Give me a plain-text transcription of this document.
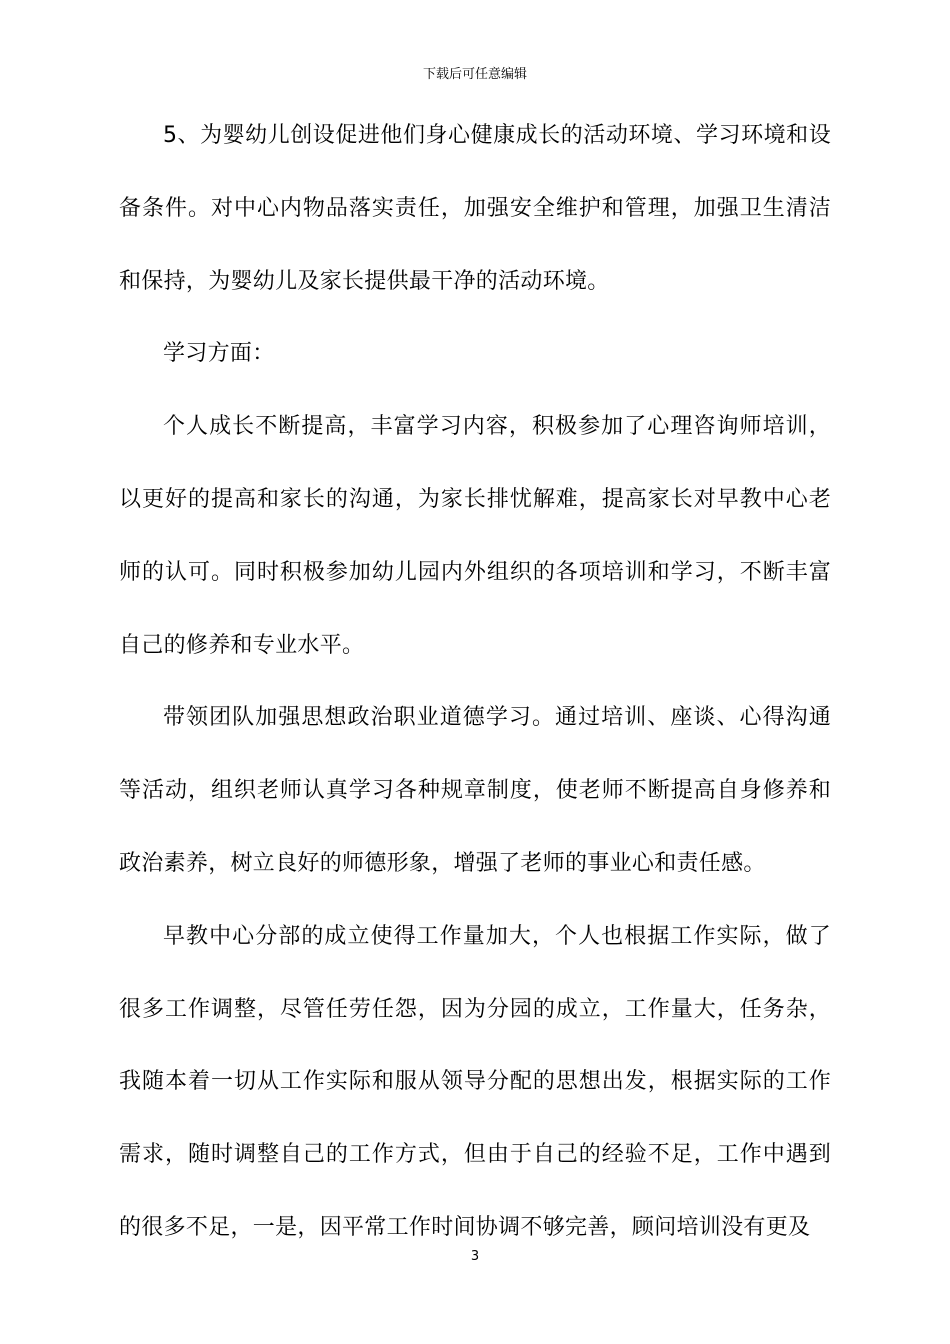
下载后可任意编辑

5、为婴幼儿创设促进他们身心健康成长的活动环境、学习环境和设备条件。对中心内物品落实责任，加强安全维护和管理，加强卫生清洁和保持，为婴幼儿及家长提供最干净的活动环境。

学习方面：

个人成长不断提高，丰富学习内容，积极参加了心理咨询师培训，以更好的提高和家长的沟通，为家长排忧解难，提高家长对早教中心老师的认可。同时积极参加幼儿园内外组织的各项培训和学习，不断丰富自己的修养和专业水平。

带领团队加强思想政治职业道德学习。通过培训、座谈、心得沟通等活动，组织老师认真学习各种规章制度，使老师不断提高自身修养和政治素养，树立良好的师德形象，增强了老师的事业心和责任感。

早教中心分部的成立使得工作量加大，个人也根据工作实际，做了很多工作调整，尽管任劳任怨，因为分园的成立，工作量大，任务杂，我随本着一切从工作实际和服从领导分配的思想出发，根据实际的工作需求，随时调整自己的工作方式，但由于自己的经验不足，工作中遇到的很多不足，一是，因平常工作时间协调不够完善，顾问培训没有更及

3
